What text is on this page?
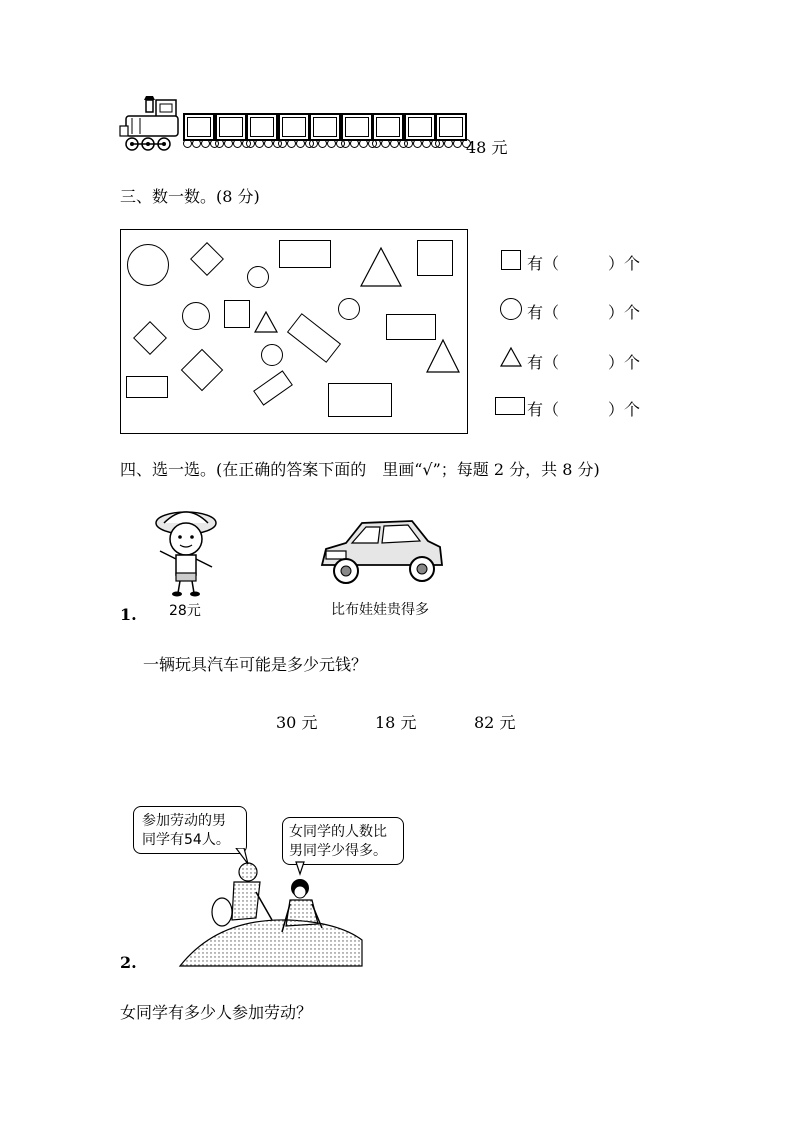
48 元
三、数一数。(8 分)
有（	）个
有（	）个
有（	）个
有（	）个
四、选一选。(在正确的答案下面的　里画“√”；每题 2 分，共 8 分)
28元
1.	比布娃娃贵得多
一辆玩具汽车可能是多少元钱？
30 元	18 元	82 元
参加劳动的男
同学有54人。	女同学的人数比
男同学少得多。
2.
女同学有多少人参加劳动？
